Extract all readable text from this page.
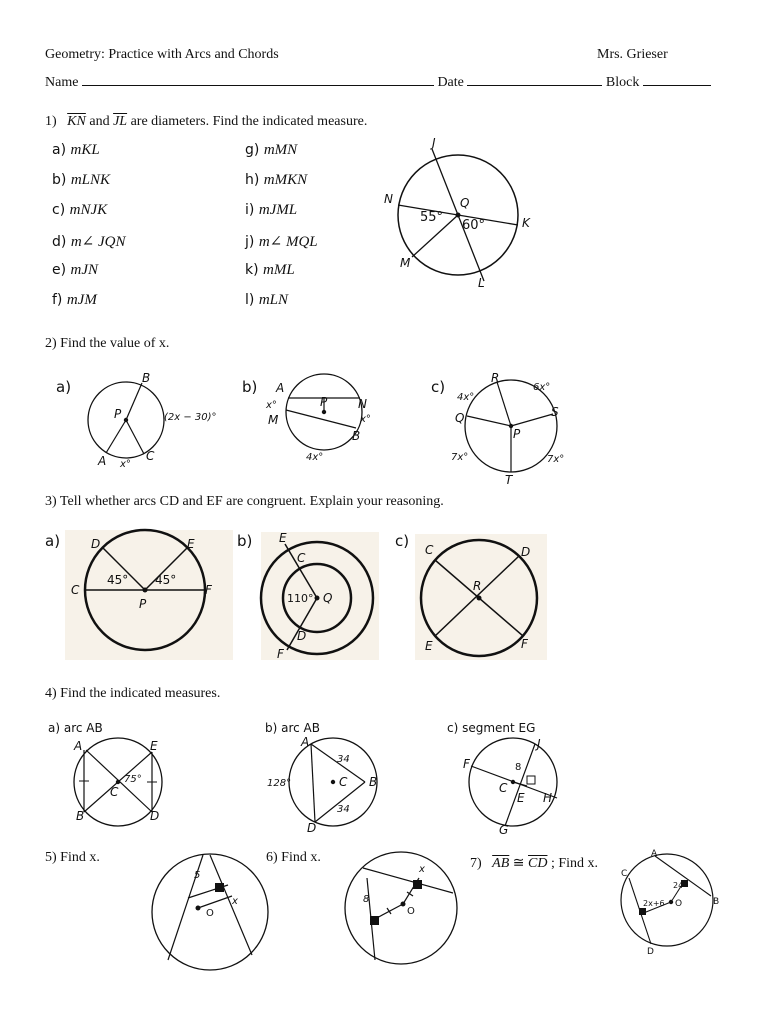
Geometry: Practice with Arcs and Chords	Mrs. Grieser
Name	Date	Block
1) $\overline{KN}$ and $\overline{JL}$ are diameters. Find the indicated measure.
a) mKL
b) mLNK
c) mNJK
d) m∠ JQN
e) mJN
f) mJM
g) mMN
h) mMKN
i) mJML
j) m∠ MQL
k) mML
l) mLN
J
N	Q
K
M
L
55°
60°
2) Find the value of x.
a)	B
P
A	C
x°
(2x − 30)°
b) A
P	N
M
B
x°
x°
4x°
c)	R
S
Q
P
T
4x°
6x°
7x°	7x°
3) Tell whether arcs CD and EF are congruent. Explain your reasoning.
a)	D	E
C	F
P
45° 45°
b) E
C
D
F
Q
110°
c) C	D
R
E	F
4) Find the indicated measures.
a) arc AB
A	E
C
B	D
75°
b) arc AB
A
C B
D
128°
34
34
c) segment EG
J
F
C
E H
G
8
5) Find x.
5
x
O
6) Find x.
8
x
O
7) $\overline{AB}$ ≅ $\overline{CD}$ ; Find x.
A
B
C
D
O
2x+6
24
